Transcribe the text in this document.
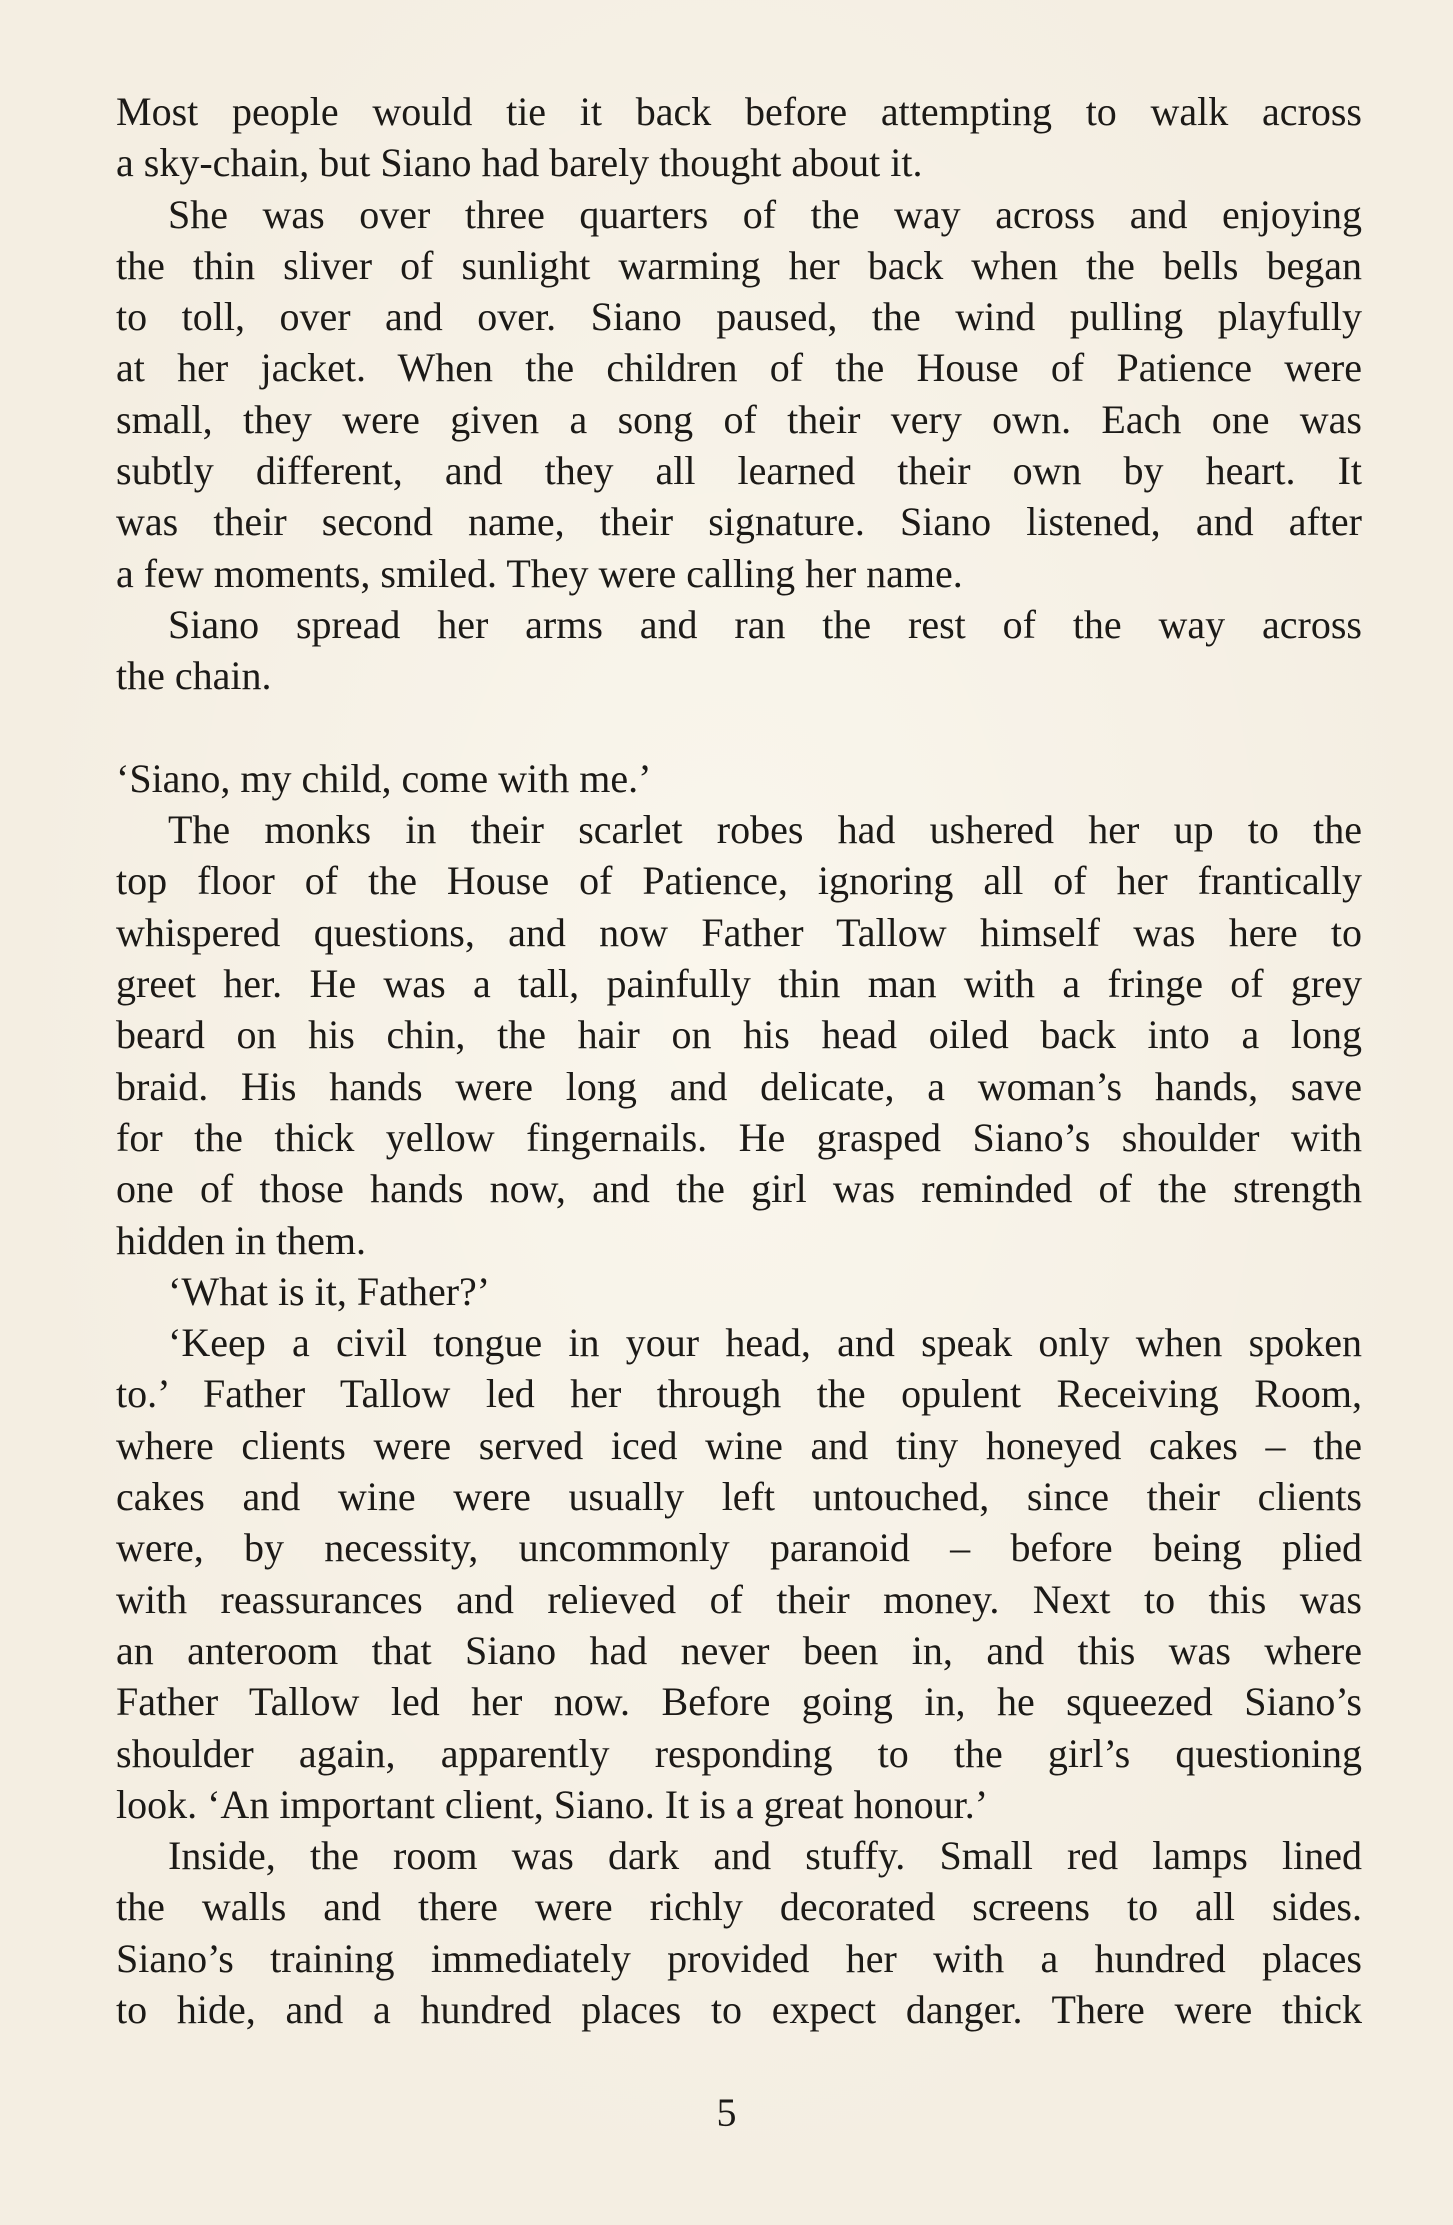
Most people would tie it back before attempting to walk across
a sky-chain, but Siano had barely thought about it.
She was over three quarters of the way across and enjoying
the thin sliver of sunlight warming her back when the bells began
to toll, over and over. Siano paused, the wind pulling playfully
at her jacket. When the children of the House of Patience were
small, they were given a song of their very own. Each one was
subtly different, and they all learned their own by heart. It
was their second name, their signature. Siano listened, and after
a few moments, smiled. They were calling her name.
Siano spread her arms and ran the rest of the way across
the chain.
‘Siano, my child, come with me.’
The monks in their scarlet robes had ushered her up to the
top floor of the House of Patience, ignoring all of her frantically
whispered questions, and now Father Tallow himself was here to
greet her. He was a tall, painfully thin man with a fringe of grey
beard on his chin, the hair on his head oiled back into a long
braid. His hands were long and delicate, a woman’s hands, save
for the thick yellow fingernails. He grasped Siano’s shoulder with
one of those hands now, and the girl was reminded of the strength
hidden in them.
‘What is it, Father?’
‘Keep a civil tongue in your head, and speak only when spoken
to.’ Father Tallow led her through the opulent Receiving Room,
where clients were served iced wine and tiny honeyed cakes – the
cakes and wine were usually left untouched, since their clients
were, by necessity, uncommonly paranoid – before being plied
with reassurances and relieved of their money. Next to this was
an anteroom that Siano had never been in, and this was where
Father Tallow led her now. Before going in, he squeezed Siano’s
shoulder again, apparently responding to the girl’s questioning
look. ‘An important client, Siano. It is a great honour.’
Inside, the room was dark and stuffy. Small red lamps lined
the walls and there were richly decorated screens to all sides.
Siano’s training immediately provided her with a hundred places
to hide, and a hundred places to expect danger. There were thick
5
